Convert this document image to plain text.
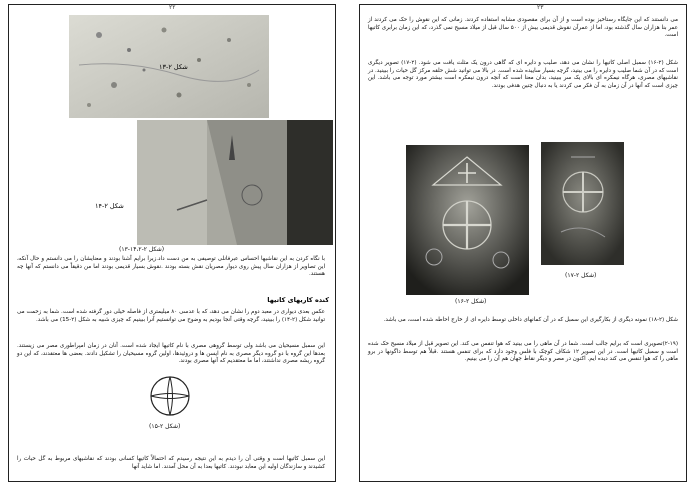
۲۲
شکل ۲-۱۳
شکل ۲-۱۴
(شکل ۲-۱۴،۲-۱۳)
با نگاه کردن به این نقاشیها احساس عبرفانلی توصیفی به من دست داد.زیرا برایم آشنا بودند و معنایشان را می دانستم و حال آنکه، این تصاویر از هزاران سال پیش روی دیوار مصریان نقش بسته بودند .نقوش بسیار قدیمی بودند اما من دقیقاً می دانستم که آنها چه هستند.
کنده کاریهای کاتیها
عکس بعدی دیواری در معبد دوم را نشان می دهد، که با عدسی ۸۰ میلیمتری از فاصله خیلی دور گرفته شده است. شما به زحمت می توانید شکل (۲-۱۴) را ببینید، گرچه وقتی آنجا بودیم به وضوح می توانستیم آنرا ببینیم که چیزی شبیه به شکل (۲-15) می باشد.
این سمبل مسیحیان می باشد ولی توسط گروهی مصری با نام کاتیها ایجاد شده است. آنان در زمان امپراطوری مصر می زیستند. بعدها این گروه با دو گروه دیگر مصری به نام ایسن ها و دروئیدها، اولین گروه مسیحیان را تشکیل دادند. بعضی ها معتقدند، که این دو گروه ریشه مصری نداشتند، اما ما معتقدیم که آنها مصری بودند.
(شکل ۲-۱۵)
این سمبل کاتیها است و وقتی آن را دیدم به این نتیجه رسیدم که احتمالاً کاتیها کسانی بودند که نقاشیهای مربوط به گل حیات را کشیدند و سازندگان اولیه این معابد نبودند. کاتیها بعدا به آن محل آمدند. اما شاید آنها
۲۳
می دانستند که این جایگاه رستاخیز بوده است و از آن برای مقصودی مشابه استفاده کردند. زمانی که این نقوش را حک می کردند از عمر بنا هزاران سال گذشته بود، اما از عمرآن نقوش قدیمی بیش از ۵۰۰ سال قبل از میلاد مسیح نمی گذرد، که این زمان برابری کاتیها است.
شکل (۲-۱۶) سمبل اصلی کاتیها را نشان می دهد، صلیب و دایره ای که گاهی درون یک مثلث یافت می شود. (۲-۱۷) تصویر دیگری است که در آن شما صلیب و دایره را می بینید، گرچه بسیار ساییده شده است. در بالا می توانید شش حلقه مرکز گل حیات را ببینید. در نقاشیهای مصری، هرگاه نیمکره ای بالای یک سر ببینید، بدان معنا است که آنچه درون نیمکره است بیشتر مورد توجه می باشد. این چیزی است که آنها در آن زمان به آن فکر می کردند یا به دنبال چنین هدفی بودند.
(شکل ۲-۱۷)
(شکل ۲-۱۶)
شکل (۲-۱۸) نمونه دیگری از بکارگیری این سمبل که در آن کمانهای داخلی توسط دایره ای از خارج احاطه شده است، می باشد.
(۲-۱۹)تصویری است که برایم جالب است. شما در آن ماهی را می بینید که هوا تنفس می کند. این تصویر قبل از میلاد مسیح حک شده است و سمبل کاتیها است. در این تصویر ۱۲ شکاف کوچک با فلس وجود دارد که برای تنفس هستند .قبلاً هم توسط داگونها در برو ماهی را که هوا تنفس می کند دیده ایم. اکنون در مصر و دیگر نقاط جهان هم آن را می بینیم.
